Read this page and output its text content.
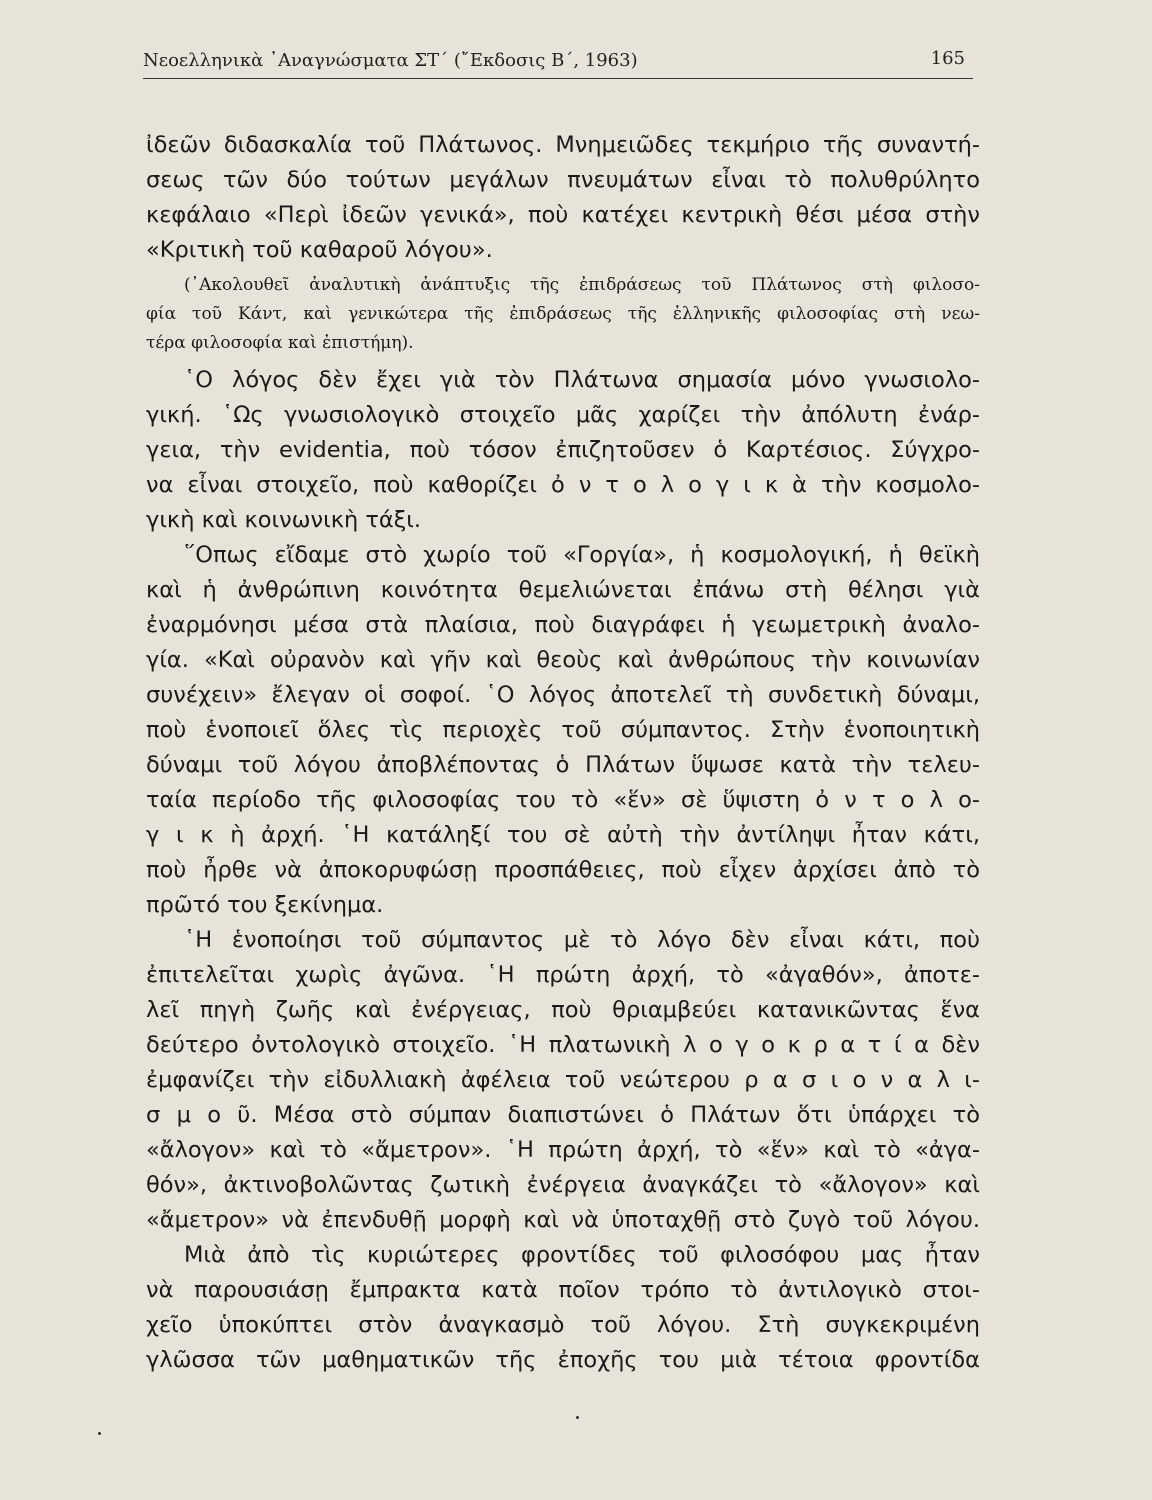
Νεοελληνικὰ ᾿Αναγνώσματα ΣΤ΄ (῎Εκδοσις Β΄, 1963)	165
ἰδεῶν διδασκαλία τοῦ Πλάτωνος. Μνημειῶδες τεκμήριο τῆς συναντή-
σεως τῶν δύο τούτων μεγάλων πνευμάτων εἶναι τὸ πολυθρύλητο
κεφάλαιο «Περὶ ἰδεῶν γενικά», ποὺ κατέχει κεντρικὴ θέσι μέσα στὴν
«Κριτικὴ τοῦ καθαροῦ λόγου».
(᾿Ακολουθεῖ ἀναλυτικὴ ἀνάπτυξις τῆς ἐπιδράσεως τοῦ Πλάτωνος στὴ φιλοσο-
φία τοῦ Κάντ, καὶ γενικώτερα τῆς ἐπιδράσεως τῆς ἑλληνικῆς φιλοσοφίας στὴ νεω-
τέρα φιλοσοφία καὶ ἐπιστήμη).
῾Ο λόγος δὲν ἔχει γιὰ τὸν Πλάτωνα σημασία μόνο γνωσιολο-
γική. ῾Ως γνωσιολογικὸ στοιχεῖο μᾶς χαρίζει τὴν ἀπόλυτη ἐνάρ-
γεια, τὴν evidentia, ποὺ τόσον ἐπιζητοῦσεν ὁ Καρτέσιος. Σύγχρο-
να εἶναι στοιχεῖο, ποὺ καθορίζει ὀ ν τ ο λ ο γ ι κ ὰ τὴν κοσμολο-
γικὴ καὶ κοινωνικὴ τάξι.
῞Οπως εἴδαμε στὸ χωρίο τοῦ «Γοργία», ἡ κοσμολογική, ἡ θεϊκὴ
καὶ ἡ ἀνθρώπινη κοινότητα θεμελιώνεται ἐπάνω στὴ θέλησι γιὰ
ἐναρμόνησι μέσα στὰ πλαίσια, ποὺ διαγράφει ἡ γεωμετρικὴ ἀναλο-
γία. «Καὶ οὐρανὸν καὶ γῆν καὶ θεοὺς καὶ ἀνθρώπους τὴν κοινωνίαν
συνέχειν» ἔλεγαν οἱ σοφοί. ῾Ο λόγος ἀποτελεῖ τὴ συνδετικὴ δύναμι,
ποὺ ἑνοποιεῖ ὅλες τὶς περιοχὲς τοῦ σύμπαντος. Στὴν ἑνοποιητικὴ
δύναμι τοῦ λόγου ἀποβλέποντας ὁ Πλάτων ὕψωσε κατὰ τὴν τελευ-
ταία περίοδο τῆς φιλοσοφίας του τὸ «ἕν» σὲ ὕψιστη ὀ ν τ ο λ ο-
γ ι κ ὴ ἀρχή. ῾Η κατάληξί του σὲ αὐτὴ τὴν ἀντίληψι ἦταν κάτι,
ποὺ ἦρθε νὰ ἀποκορυφώσῃ προσπάθειες, ποὺ εἶχεν ἀρχίσει ἀπὸ τὸ
πρῶτό του ξεκίνημα.
῾Η ἑνοποίησι τοῦ σύμπαντος μὲ τὸ λόγο δὲν εἶναι κάτι, ποὺ
ἐπιτελεῖται χωρὶς ἀγῶνα. ῾Η πρώτη ἀρχή, τὸ «ἀγαθόν», ἀποτε-
λεῖ πηγὴ ζωῆς καὶ ἐνέργειας, ποὺ θριαμβεύει κατανικῶντας ἕνα
δεύτερο ὀντολογικὸ στοιχεῖο. ῾Η πλατωνικὴ λ ο γ ο κ ρ α τ ί α δὲν
ἐμφανίζει τὴν εἰδυλλιακὴ ἀφέλεια τοῦ νεώτερου ρ α σ ι ο ν α λ ι-
σ μ ο ῦ. Μέσα στὸ σύμπαν διαπιστώνει ὁ Πλάτων ὅτι ὑπάρχει τὸ
«ἄλογον» καὶ τὸ «ἄμετρον». ῾Η πρώτη ἀρχή, τὸ «ἕν» καὶ τὸ «ἀγα-
θόν», ἀκτινοβολῶντας ζωτικὴ ἐνέργεια ἀναγκάζει τὸ «ἄλογον» καὶ
«ἄμετρον» νὰ ἐπενδυθῇ μορφὴ καὶ νὰ ὑποταχθῇ στὸ ζυγὸ τοῦ λόγου.
Μιὰ ἀπὸ τὶς κυριώτερες φροντίδες τοῦ φιλοσόφου μας ἦταν
νὰ παρουσιάσῃ ἔμπρακτα κατὰ ποῖον τρόπο τὸ ἀντιλογικὸ στοι-
χεῖο ὑποκύπτει στὸν ἀναγκασμὸ τοῦ λόγου. Στὴ συγκεκριμένη
γλῶσσα τῶν μαθηματικῶν τῆς ἐποχῆς του μιὰ τέτοια φροντίδα
